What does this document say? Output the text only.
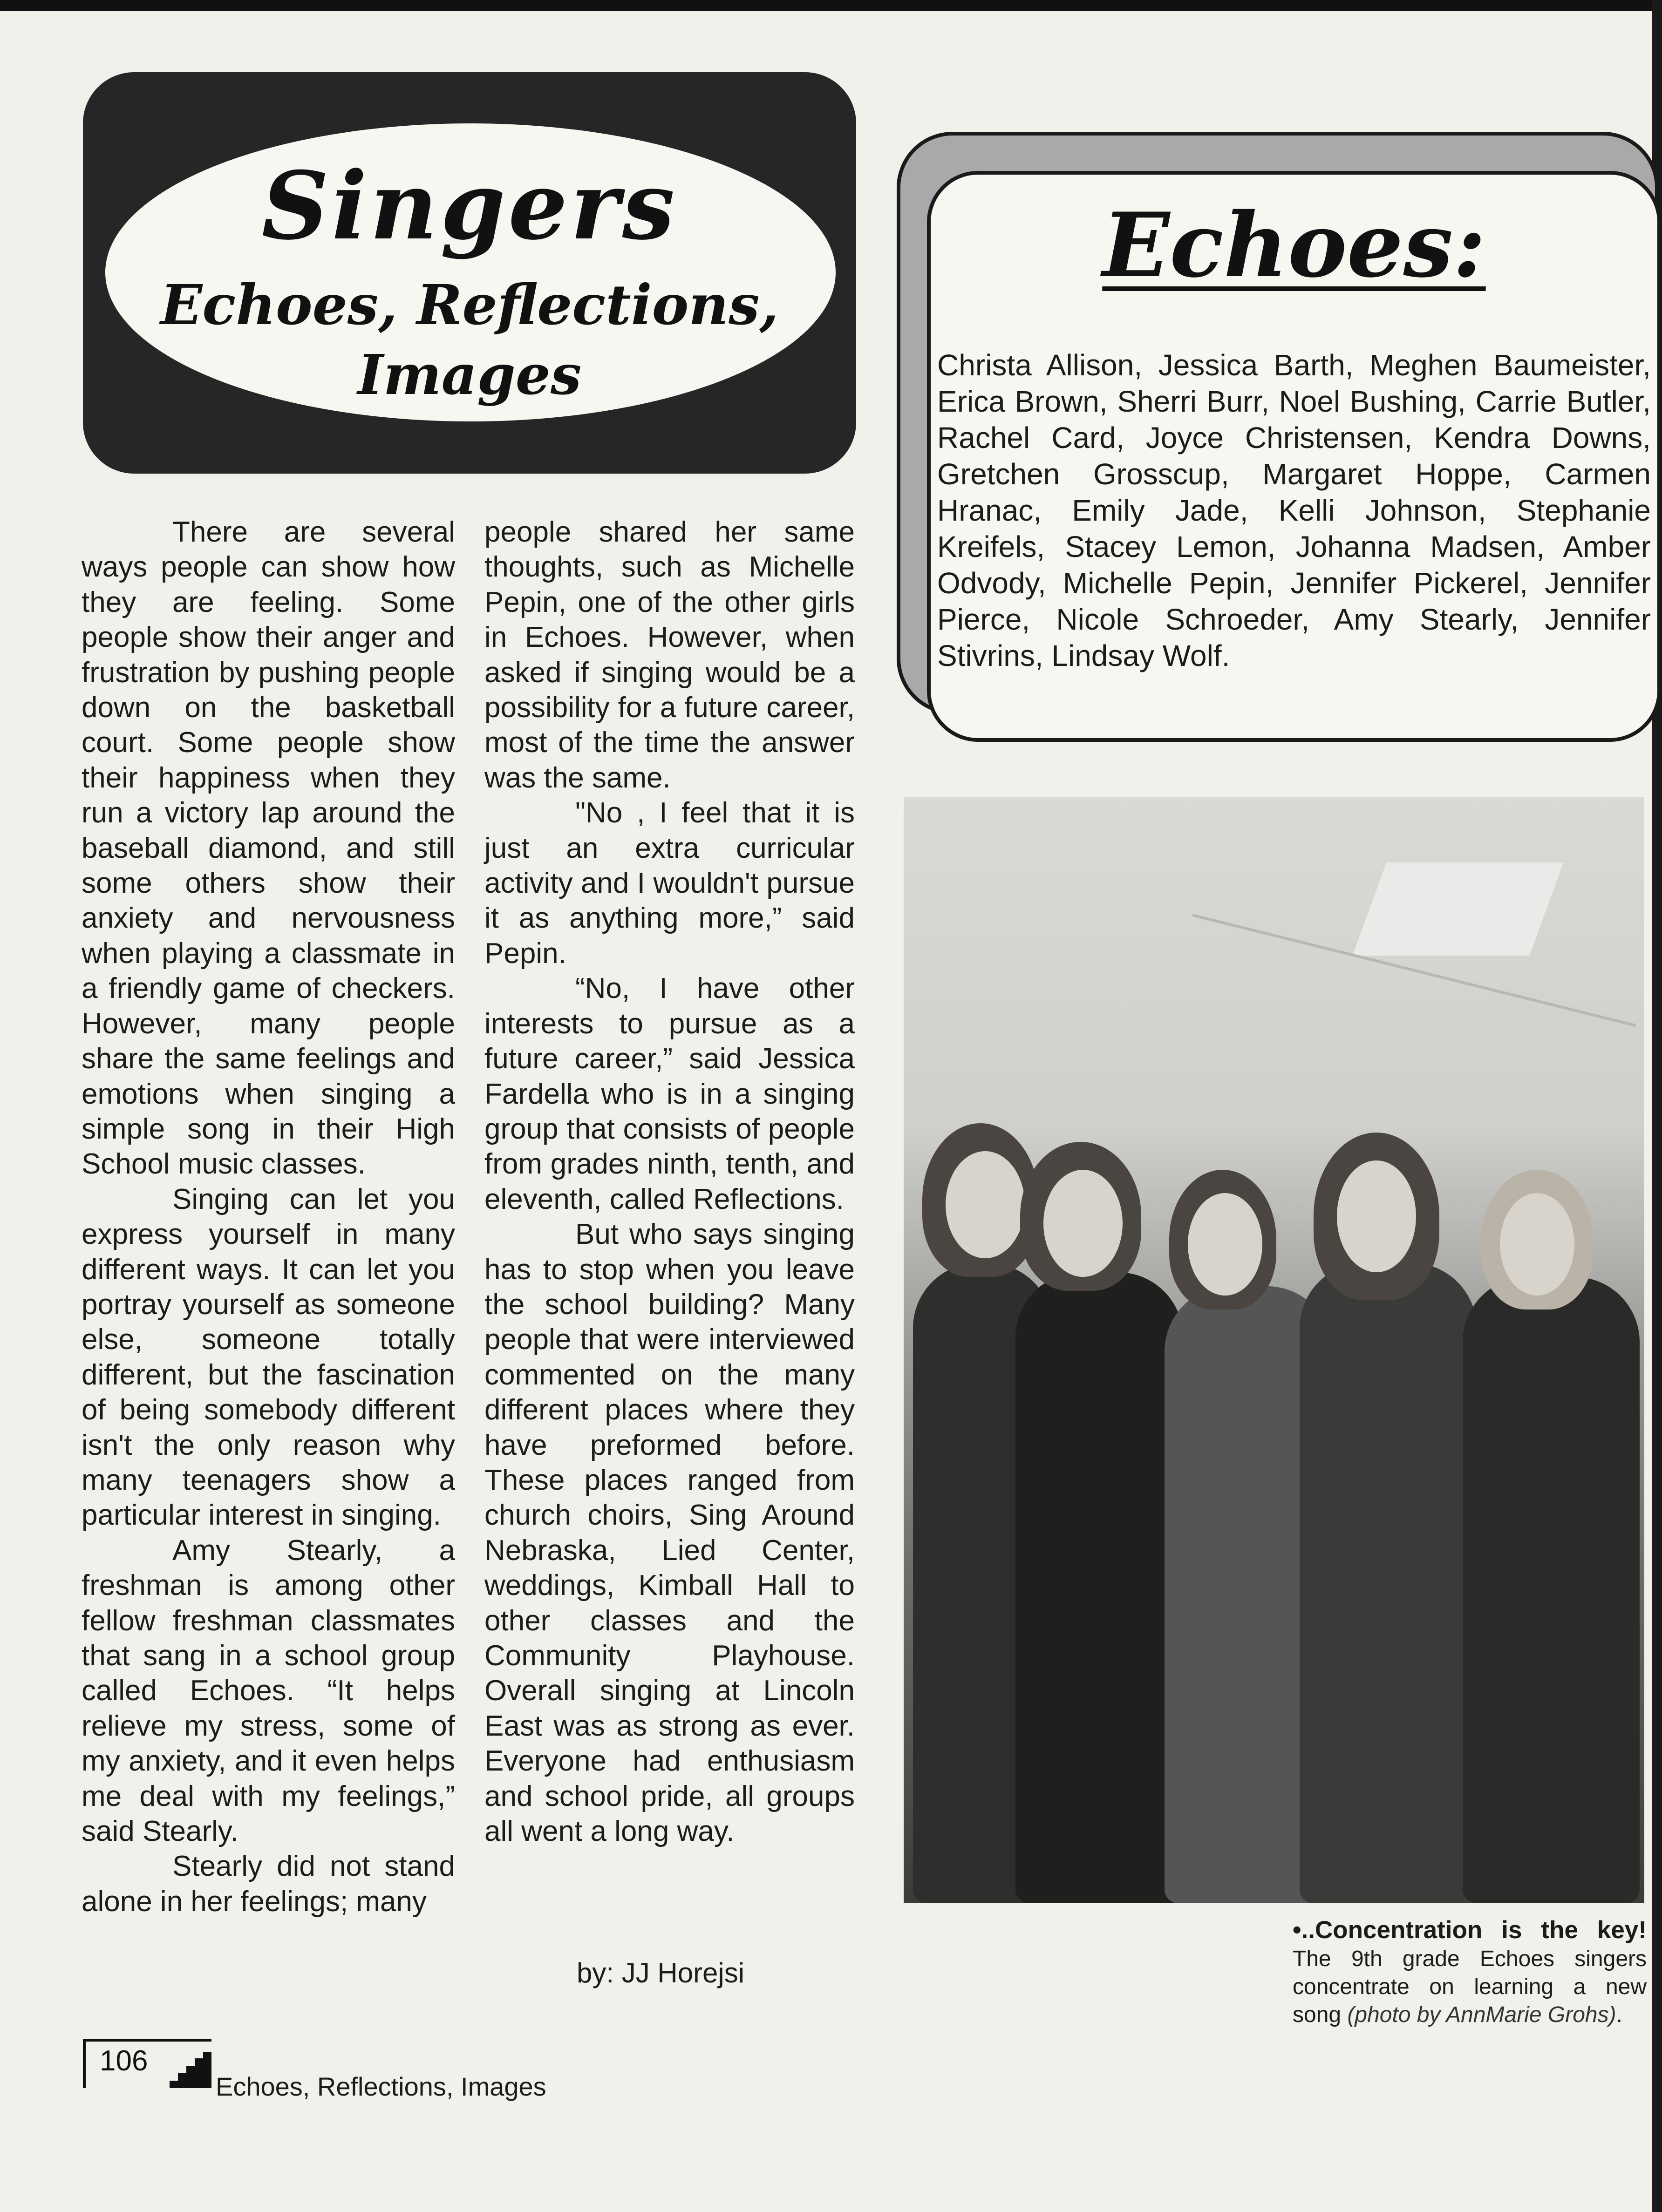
Singers
Echoes, Reflections,
Images

There are several ways people can show how they are feeling. Some people show their anger and frustration by pushing people down on the basketball court. Some people show their happiness when they run a victory lap around the baseball diamond, and still some others show their anxiety and nervousness when playing a classmate in a friendly game of checkers. However, many people share the same feelings and emotions when singing a simple song in their High School music classes.

Singing can let you express yourself in many different ways. It can let you portray yourself as someone else, someone totally different, but the fascination of being somebody different isn't the only reason why many teenagers show a particular interest in singing.

Amy Stearly, a freshman is among other fellow freshman classmates that sang in a school group called Echoes. “It helps relieve my stress, some of my anxiety, and it even helps me deal with my feelings,” said Stearly.

Stearly did not stand alone in her feelings; many

people shared her same thoughts, such as Michelle Pepin, one of the other girls in Echoes. However, when asked if singing would be a possibility for a future career, most of the time the answer was the same.

"No , I feel that it is just an extra curricular activity and I wouldn't pursue it as anything more,” said Pepin.

“No, I have other interests to pursue as a future career,” said Jessica Fardella who is in a singing group that consists of people from grades ninth, tenth, and eleventh, called Reflections.

But who says singing has to stop when you leave the school building? Many people that were interviewed commented on the many different places where they have preformed before. These places ranged from church choirs, Sing Around Nebraska, Lied Center, weddings, Kimball Hall to other classes and the Community Playhouse. Overall singing at Lincoln East was as strong as ever. Everyone had enthusiasm and school pride, all groups all went a long way.

by: JJ Horejsi
Echoes:
Christa Allison, Jessica Barth, Meghen Baumeister, Erica Brown, Sherri Burr, Noel Bushing, Carrie Butler, Rachel Card, Joyce Christensen, Kendra Downs, Gretchen Grosscup, Margaret Hoppe, Carmen Hranac, Emily Jade, Kelli Johnson, Stephanie Kreifels, Stacey Lemon, Johanna Madsen, Amber Odvody, Michelle Pepin, Jennifer Pickerel, Jennifer Pierce, Nicole Schroeder, Amy Stearly, Jennifer Stivrins, Lindsay Wolf.
•..Concentration is the key! The 9th grade Echoes singers concentrate on learning a new song (photo by AnnMarie Grohs).
106
Echoes, Reflections, Images
